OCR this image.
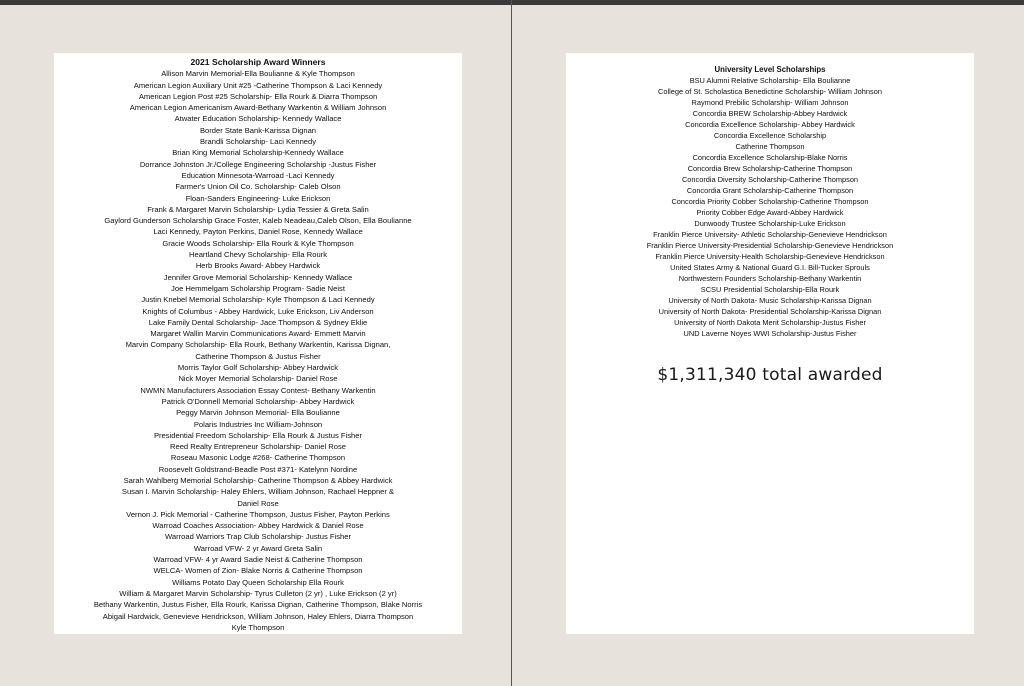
2021 Scholarship Award Winners
Allison Marvin Memorial-Ella Boulianne & Kyle Thompson
American Legion Auxiliary Unit #25 -Catherine Thompson & Laci Kennedy
American Legion Post #25 Scholarship- Ella Rourk & Diarra Thompson
American Legion Americanism Award-Bethany Warkentin & William Johnson
Atwater Education Scholarship- Kennedy Wallace
Border State Bank-Karissa Dignan
Brandli Scholarship- Laci Kennedy
Brian King Memorial Scholarship-Kennedy Wallace
Dorrance Johnston Jr./College Engineering Scholarship -Justus Fisher
Education Minnesota-Warroad -Laci Kennedy
Farmer's Union Oil Co. Scholarship- Caleb Olson
Floan-Sanders Engineering- Luke Erickson
Frank & Margaret Marvin Scholarship- Lydia Tessier & Greta Salin
Gaylord Gunderson Scholarship Grace Foster, Kaleb Neadeau,Caleb Olson, Ella Boulianne
Laci Kennedy, Payton Perkins, Daniel Rose, Kennedy Wallace
Gracie Woods Scholarship- Ella Rourk & Kyle Thompson
Heartland Chevy Scholarship- Ella Rourk
Herb Brooks Award- Abbey Hardwick
Jennifer Grove Memorial Scholarship- Kennedy Wallace
Joe Hemmelgam Scholarship Program- Sadie Neist
Justin Knebel Memorial Scholarship- Kyle Thompson & Laci Kennedy
Knights of Columbus - Abbey Hardwick, Luke Erickson, Liv Anderson
Lake Family Dental Scholarship- Jace Thompson & Sydney Eklie
Margaret Wallin Marvin Communications Award- Emmett Marvin
Marvin Company Scholarship- Ella Rourk, Bethany Warkentin, Karissa Dignan,
Catherine Thompson & Justus Fisher
Morris Taylor Golf Scholarship- Abbey Hardwick
Nick Moyer Memorial Scholarship- Daniel Rose
NWMN Manufacturers Association Essay Contest- Bethany Warkentin
Patrick O'Donnell Memorial Scholarship- Abbey Hardwick
Peggy Marvin Johnson Memorial- Ella Boulianne
Polaris Industries Inc William-Johnson
Presidential Freedom Scholarship- Ella Rourk & Justus Fisher
Reed Realty Entrepreneur Scholarship- Daniel Rose
Roseau Masonic Lodge #268- Catherine Thompson
Roosevelt Goldstrand-Beadle Post #371- Katelynn Nordine
Sarah Wahlberg Memorial Scholarship- Catherine Thompson & Abbey Hardwick
Susan I. Marvin Scholarship- Haley Ehlers, William Johnson, Rachael Heppner &
Daniel Rose
Vernon J. Pick Memorial - Catherine Thompson, Justus Fisher, Payton Perkins
Warroad Coaches Association- Abbey Hardwick & Daniel Rose
Warroad Warriors Trap Club Scholarship- Justus Fisher
Warroad VFW- 2 yr Award Greta Salin
Warroad VFW- 4 yr Award Sadie Neist & Catherine Thompson
WELCA- Women of Zion- Blake Norris & Catherine Thompson
Williams Potato Day Queen Scholarship Ella Rourk
William & Margaret Marvin Scholarship- Tyrus Culleton (2 yr) , Luke Erickson (2 yr)
Bethany Warkentin, Justus Fisher, Ella Rourk, Karissa Dignan, Catherine Thompson, Blake Norris
Abigail Hardwick, Genevieve Hendrickson, William Johnson, Haley Ehlers, Diarra Thompson
Kyle Thompson
University Level Scholarships
BSU Alumni Relative Scholarship- Ella Boulianne
College of St. Scholastica Benedictine Scholarship- William Johnson
Raymond Prebilic Scholarship- William Johnson
Concordia BREW Scholarship-Abbey Hardwick
Concordia Excellence Scholarship- Abbey Hardwick
Concordia Excellence Scholarship
Catherine Thompson
Concordia Excellence Scholarship-Blake Norris
Concordia Brew Scholarship-Catherine Thompson
Concordia Diversity Scholarship-Catherine Thompson
Concordia Grant Scholarship-Catherine Thompson
Concordia Priority Cobber Scholarship-Catherine Thompson
Priority Cobber Edge Award-Abbey Hardwick
Dunwoody Trustee Scholarship-Luke Erickson
Franklin Pierce University- Athletic Scholarship-Genevieve Hendrickson
Franklin Pierce University-Presidential Scholarship-Genevieve Hendrickson
Franklin Pierce University-Health Scholarship-Genevieve Hendrickson
United States Army & National Guard G.I. Bill-Tucker Sprouls
Northwestern Founders Scholarship-Bethany Warkentin
SCSU Presidential Scholarship-Ella Rourk
University of North Dakota- Music Scholarship-Karissa Dignan
University of North Dakota- Presidential Scholarship-Karissa Dignan
University of North Dakota Merit Scholarship-Justus Fisher
UND Laverne Noyes WWI Scholarship-Justus Fisher
$1,311,340 total awarded
